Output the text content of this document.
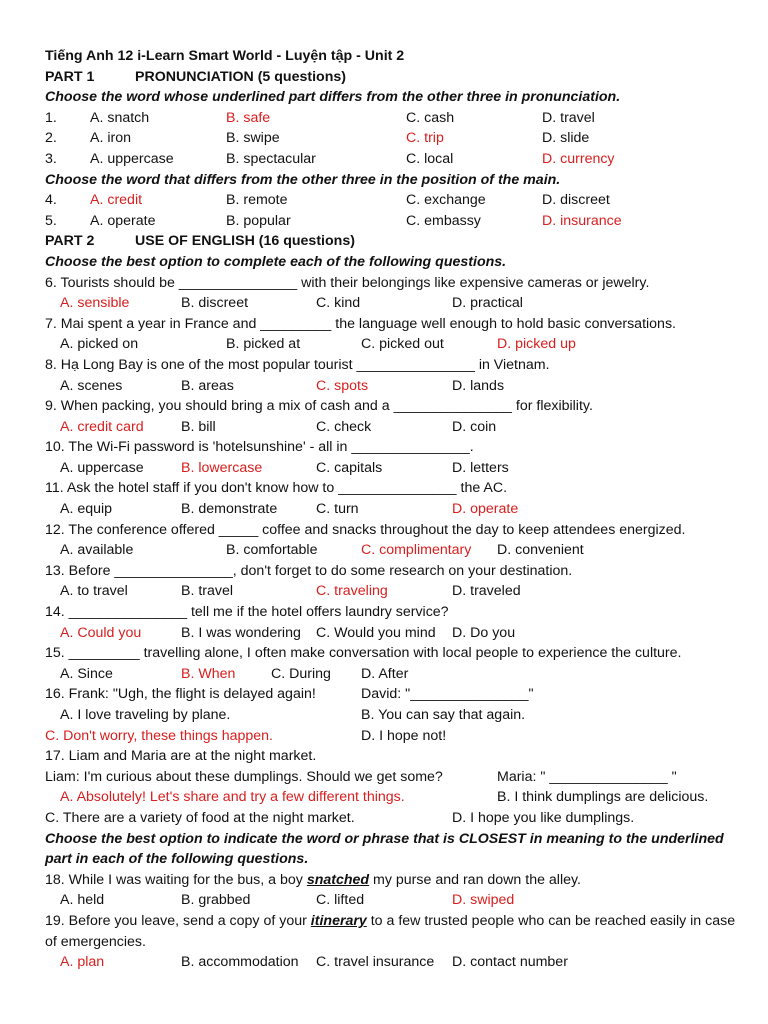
Tiếng Anh 12 i-Learn Smart World - Luyện tập - Unit 2
PART 1	PRONUNCIATION (5 questions)
Choose the word whose underlined part differs from the other three in pronunciation.
1. A. snatch	B. safe	C. cash	D. travel
2. A. iron	B. swipe	C. trip	D. slide
3. A. uppercase	B. spectacular	C. local	D. currency
Choose the word that differs from the other three in the position of the main.
4. A. credit	B. remote	C. exchange	D. discreet
5. A. operate	B. popular	C. embassy	D. insurance
PART 2	USE OF ENGLISH (16 questions)
Choose the best option to complete each of the following questions.
6. Tourists should be _______________ with their belongings like expensive cameras or jewelry.
A. sensible	B. discreet	C. kind	D. practical
7. Mai spent a year in France and _________ the language well enough to hold basic conversations.
A. picked on	B. picked at	C. picked out	D. picked up
8. Hạ Long Bay is one of the most popular tourist _______________ in Vietnam.
A. scenes	B. areas	C. spots	D. lands
9. When packing, you should bring a mix of cash and a _______________ for flexibility.
A. credit card	B. bill	C. check	D. coin
10. The Wi-Fi password is 'hotelsunshine' - all in _______________.
A. uppercase	B. lowercase	C. capitals	D. letters
11. Ask the hotel staff if you don't know how to _______________ the AC.
A. equip	B. demonstrate	C. turn	D. operate
12. The conference offered _____ coffee and snacks throughout the day to keep attendees energized.
A. available	B. comfortable	C. complimentary D. convenient
13. Before _______________, don't forget to do some research on your destination.
A. to travel	B. travel	C. traveling	D. traveled
14. _______________ tell me if the hotel offers laundry service?
A. Could you	B. I was wondering C. Would you mind D. Do you
15. _________ travelling alone, I often make conversation with local people to experience the culture.
A. Since	B. When	C. During D. After
16. Frank: "Ugh, the flight is delayed again!	David: "_______________"
A. I love traveling by plane.	B. You can say that again.
C. Don't worry, these things happen.	D. I hope not!
17. Liam and Maria are at the night market.
Liam: I'm curious about these dumplings. Should we get some?	Maria: " _______________ "
A. Absolutely! Let's share and try a few different things.	B. I think dumplings are delicious.
C. There are a variety of food at the night market.	D. I hope you like dumplings.
Choose the best option to indicate the word or phrase that is CLOSEST in meaning to the underlined part in each of the following questions.
18. While I was waiting for the bus, a boy snatched my purse and ran down the alley.
A. held	B. grabbed	C. lifted	D. swiped
19. Before you leave, send a copy of your itinerary to a few trusted people who can be reached easily in case of emergencies.
A. plan	B. accommodation C. travel insurance D. contact number
